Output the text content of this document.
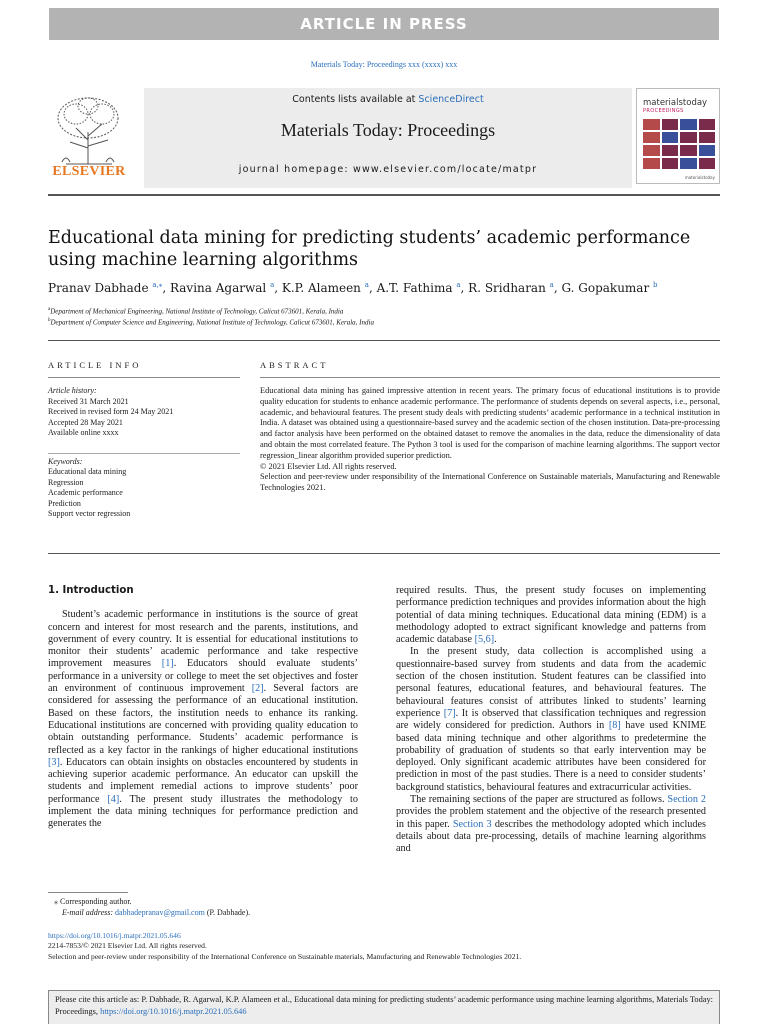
ARTICLE IN PRESS
Materials Today: Proceedings xxx (xxxx) xxx
ELSEVIER
Contents lists available at ScienceDirect
Materials Today: Proceedings
journal homepage: www.elsevier.com/locate/matpr
materialstoday
PROCEEDINGS
materialstoday
Educational data mining for predicting students’ academic performance using machine learning algorithms
Pranav Dabhade $^{a,⁎}$, Ravina Agarwal $^a$, K.P. Alameen $^a$, A.T. Fathima $^a$, R. Sridharan $^a$, G. Gopakumar $^b$
$^a$Department of Mechanical Engineering, National Institute of Technology, Calicut 673601, Kerala, India
$^b$Department of Computer Science and Engineering, National Institute of Technology, Calicut 673601, Kerala, India
ARTICLE INFO	ABSTRACT
Article history:
Received 31 March 2021
Received in revised form 24 May 2021
Accepted 28 May 2021
Available online xxxx
Keywords:
Educational data mining
Regression
Academic performance
Prediction
Support vector regression
Educational data mining has gained impressive attention in recent years. The primary focus of educational institutions is to provide quality education for students to enhance academic performance. The performance of students depends on several aspects, i.e., personal, academic, and behavioural features. The present study deals with predicting students’ academic performance in a technical institution in India. A dataset was obtained using a questionnaire-based survey and the academic section of the chosen institution. Data-pre-processing and factor analysis have been performed on the obtained dataset to remove the anomalies in the data, reduce the dimensionality of data and obtain the most correlated feature. The Python 3 tool is used for the comparison of machine learning algorithms. The support vector regression_linear algorithm provided superior prediction.
© 2021 Elsevier Ltd. All rights reserved.
Selection and peer-review under responsibility of the International Conference on Sustainable materials, Manufacturing and Renewable Technologies 2021.
1. Introduction

Student’s academic performance in institutions is the source of great concern and interest for most research and the parents, institutions, and government of every country. It is essential for educational institutions to monitor their students’ academic performance and take respective improvement measures [1]. Educators should evaluate students’ performance in a university or college to meet the set objectives and foster an environment of continuous improvement [2]. Several factors are considered for assessing the performance of an educational institution. Based on these factors, the institution needs to enhance its ranking. Educational institutions are concerned with providing quality education to obtain outstanding performance. Students’ academic performance is reflected as a key factor in the rankings of higher educational institutions [3]. Educators can obtain insights on obstacles encountered by students in achieving superior academic performance. An educator can upskill the students and implement remedial actions to improve students’ poor performance [4]. The present study illustrates the methodology to implement the data mining techniques for performance prediction and generates the

required results. Thus, the present study focuses on implementing performance prediction techniques and provides information about the high potential of data mining techniques. Educational data mining (EDM) is a methodology adopted to extract significant knowledge and patterns from academic database [5,6].

In the present study, data collection is accomplished using a questionnaire-based survey from students and data from the academic section of the chosen institution. Student features can be classified into personal features, educational features, and behavioural features. The behavioural features consist of attributes linked to students’ learning experience [7]. It is observed that classification techniques and regression are widely considered for prediction. Authors in [8] have used KNIME based data mining technique and other algorithms to predetermine the probability of graduation of students so that early intervention may be deployed. Only significant academic attributes have been considered for prediction in most of the past studies. There is a need to consider students’ background statistics, behavioural features and extracurricular activities.

The remaining sections of the paper are structured as follows. Section 2 provides the problem statement and the objective of the research presented in this paper. Section 3 describes the methodology adopted which includes details about data pre-processing, details of machine learning algorithms and

⁎ Corresponding author.
E-mail address: dabhadepranav@gmail.com (P. Dabhade).
https://doi.org/10.1016/j.matpr.2021.05.646
2214-7853/© 2021 Elsevier Ltd. All rights reserved.
Selection and peer-review under responsibility of the International Conference on Sustainable materials, Manufacturing and Renewable Technologies 2021.
Please cite this article as: P. Dabhade, R. Agarwal, K.P. Alameen et al., Educational data mining for predicting students’ academic performance using machine learning algorithms, Materials Today: Proceedings, https://doi.org/10.1016/j.matpr.2021.05.646
